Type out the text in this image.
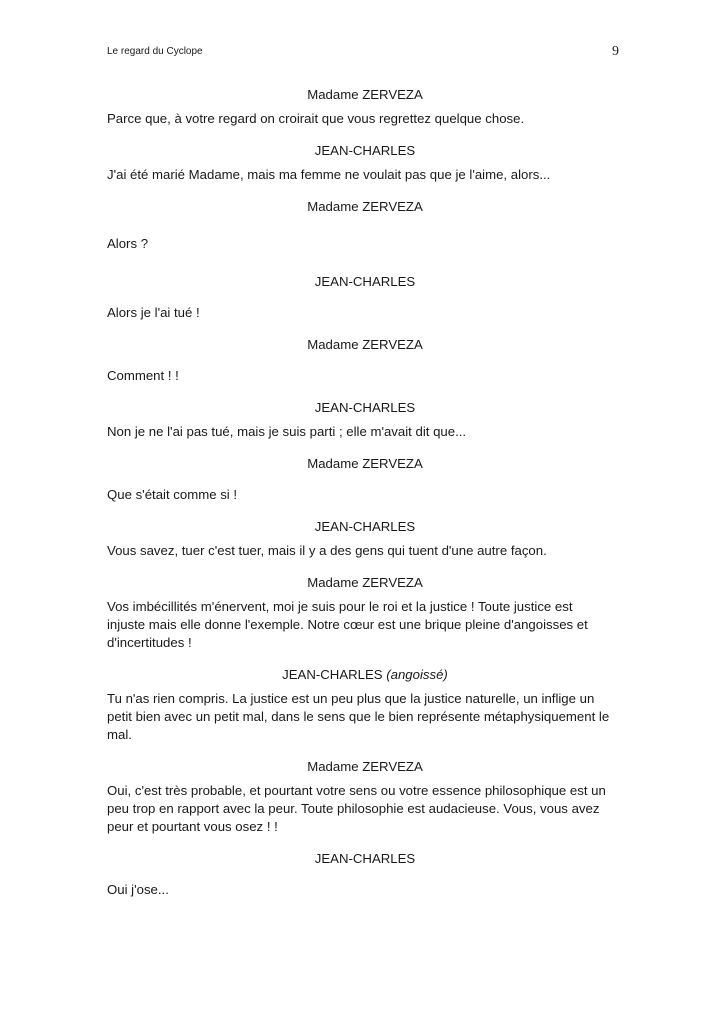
Le regard du Cyclope	9
Madame ZERVEZA
Parce que, à votre regard on croirait que vous regrettez quelque chose.
JEAN-CHARLES
J'ai été marié Madame, mais ma femme ne voulait pas que je l'aime, alors...
Madame ZERVEZA
Alors ?
JEAN-CHARLES
Alors je l'ai tué !
Madame ZERVEZA
Comment ! !
JEAN-CHARLES
Non je ne l'ai pas tué, mais je suis parti ; elle m'avait dit que...
Madame ZERVEZA
Que s'était comme si !
JEAN-CHARLES
Vous savez, tuer c'est tuer, mais il y a des gens qui tuent d'une autre façon.
Madame ZERVEZA
Vos imbécillités m'énervent, moi je suis pour le roi et la justice ! Toute justice est
injuste mais elle donne l'exemple. Notre cœur est une brique pleine d'angoisses et
d'incertitudes !
JEAN-CHARLES (angoissé)
Tu n'as rien compris. La justice est un peu plus que la justice naturelle, un inflige un
petit bien avec un petit mal, dans le sens que le bien représente métaphysiquement le
mal.
Madame ZERVEZA
Oui, c'est très probable, et pourtant votre sens ou votre essence philosophique est un
peu trop en rapport avec la peur. Toute philosophie est audacieuse. Vous, vous avez
peur et pourtant vous osez ! !
JEAN-CHARLES
Oui j'ose...
